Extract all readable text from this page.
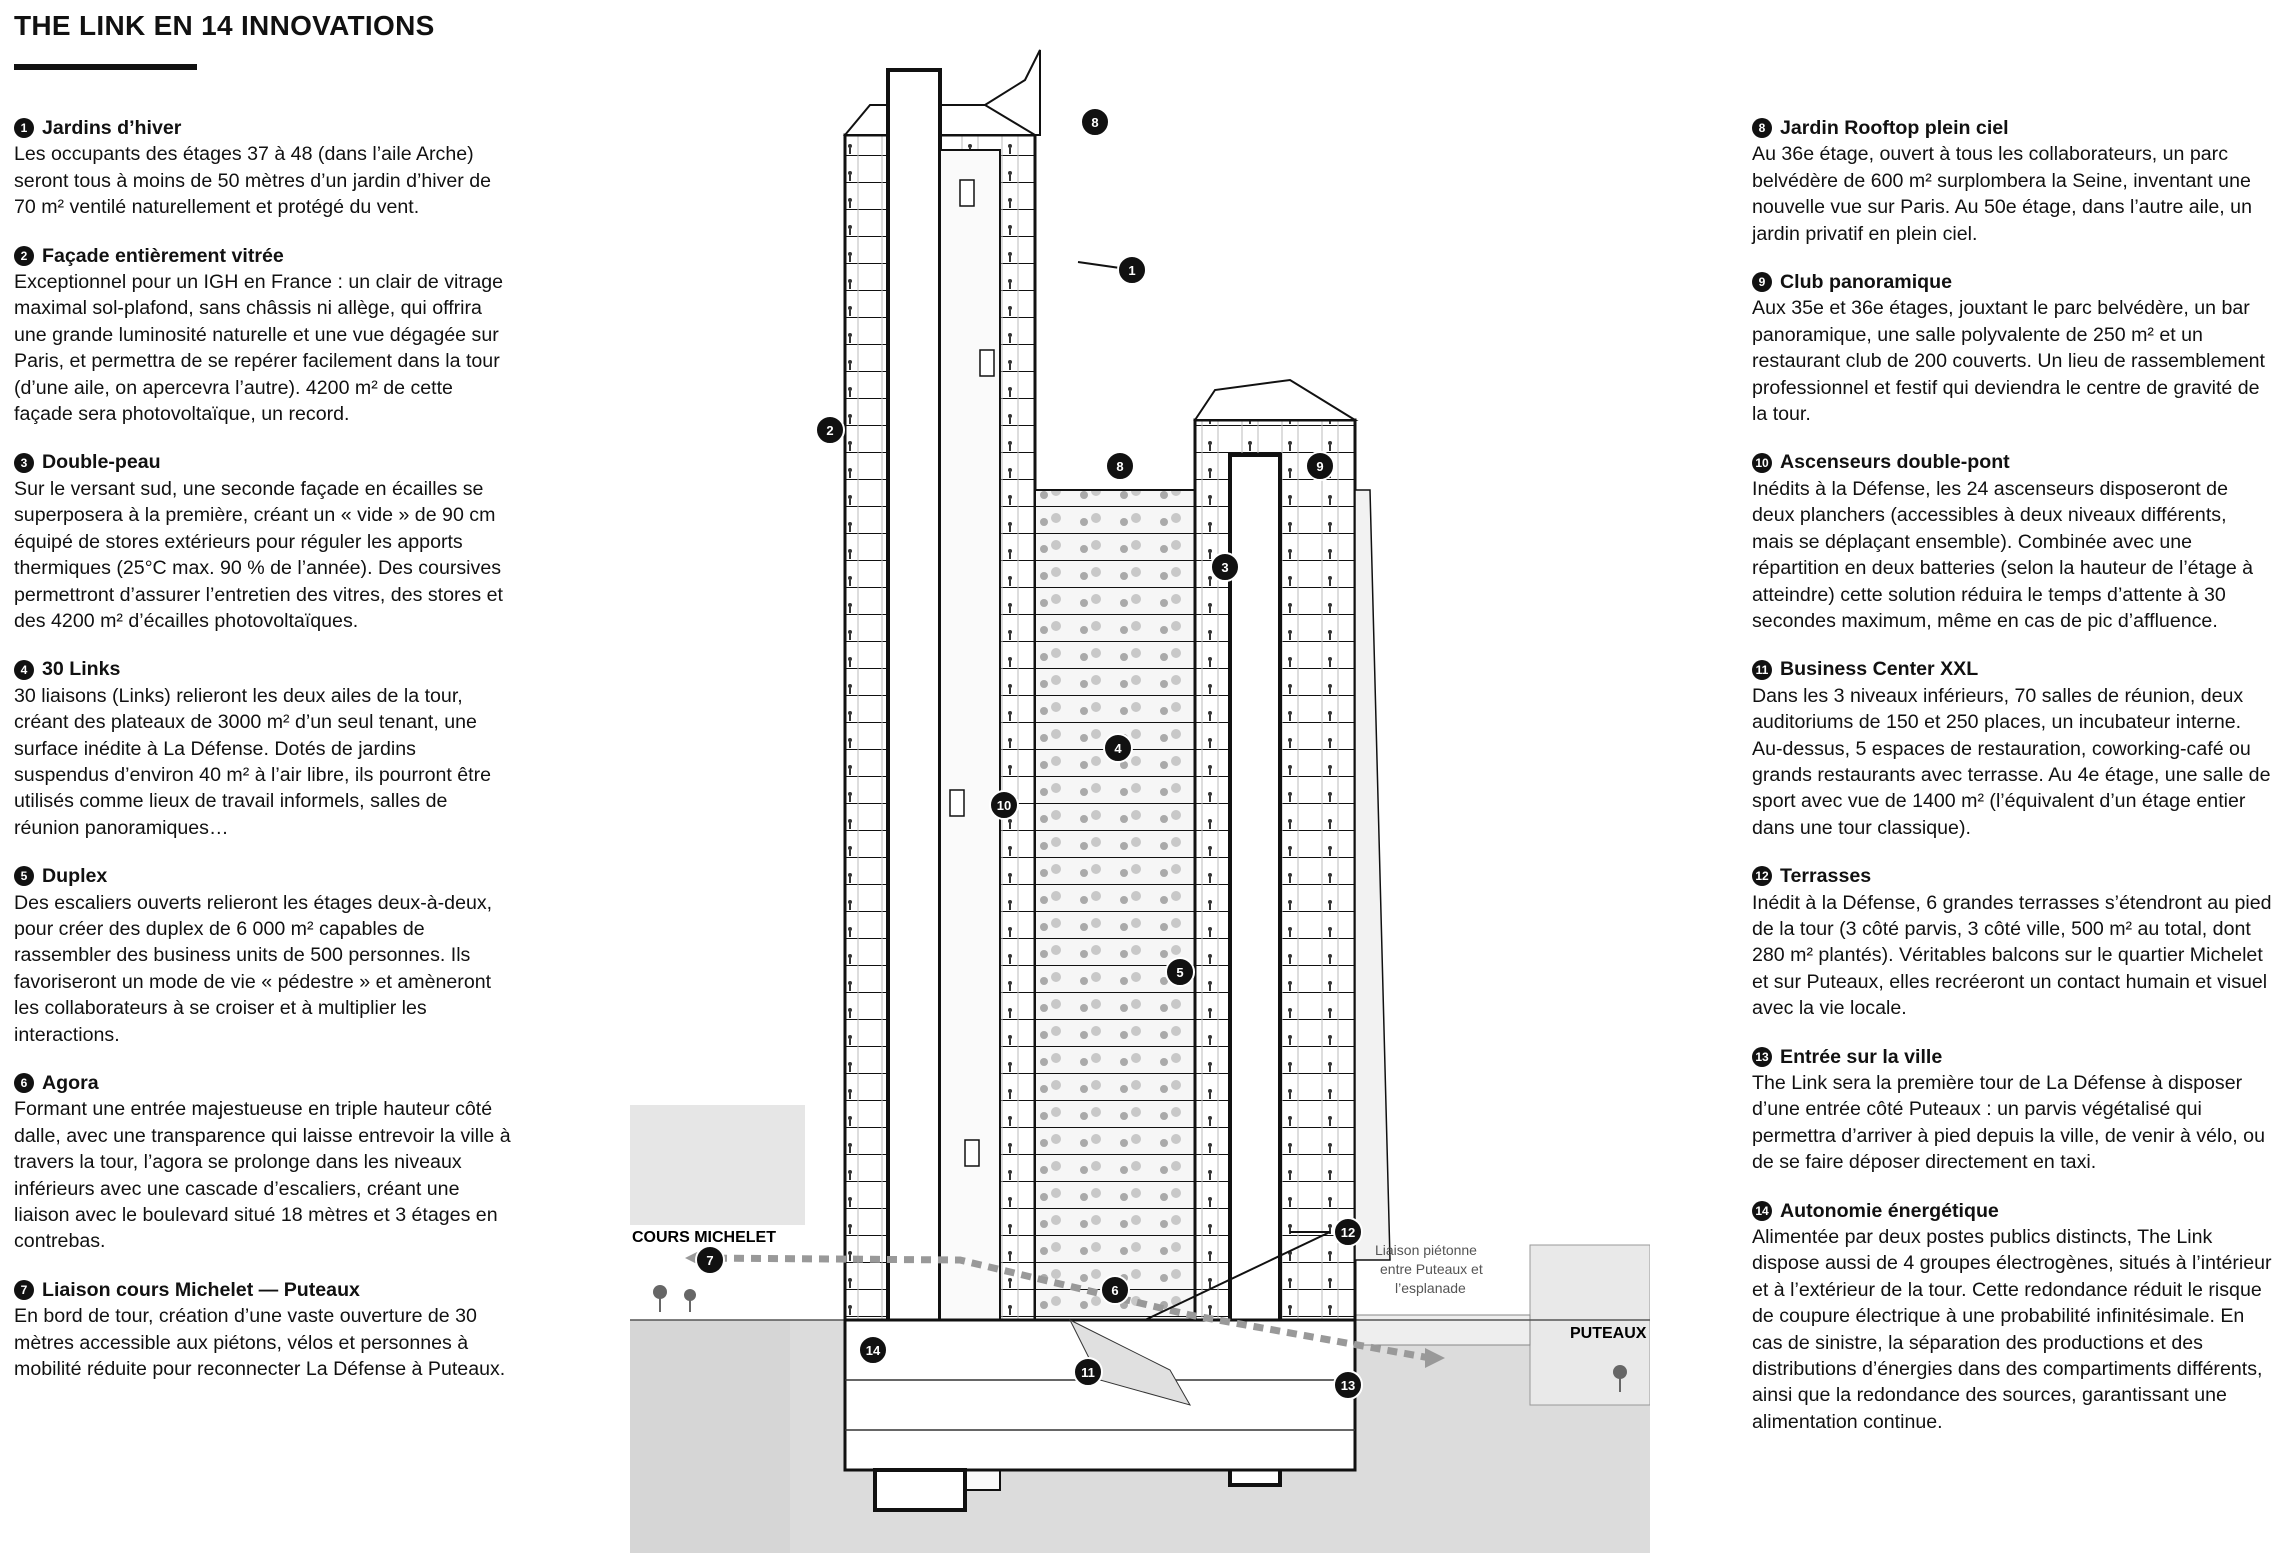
THE LINK EN 14 INNOVATIONS
1 Jardins d’hiver

Les occupants des étages 37 à 48 (dans l’aile Arche) seront tous à moins de 50 mètres d’un jardin d’hiver de 70 m² ventilé naturellement et protégé du vent.

2 Façade entièrement vitrée

Exceptionnel pour un IGH en France : un clair de vitrage maximal sol-plafond, sans châssis ni allège, qui offrira une grande luminosité naturelle et une vue dégagée sur Paris, et permettra de se repérer facilement dans la tour (d’une aile, on apercevra l’autre). 4200 m² de cette façade sera photovoltaïque, un record.

3 Double-peau

Sur le versant sud, une seconde façade en écailles se superposera à la première, créant un « vide » de 90 cm équipé de stores extérieurs pour réguler les apports thermiques (25°C max. 90 % de l’année). Des coursives permettront d’assurer l’entretien des vitres, des stores et des 4200 m² d’écailles photovoltaïques.

4 30 Links

30 liaisons (Links) relieront les deux ailes de la tour, créant des plateaux de 3000 m² d’un seul tenant, une surface inédite à La Défense. Dotés de jardins suspendus d’environ 40 m² à l’air libre, ils pourront être utilisés comme lieux de travail informels, salles de réunion panoramiques…

5 Duplex

Des escaliers ouverts relieront les étages deux-à-deux, pour créer des duplex de 6 000 m² capables de rassembler des business units de 500 personnes. Ils favoriseront un mode de vie « pédestre » et amèneront les collaborateurs à se croiser et à multiplier les interactions.

6 Agora

Formant une entrée majestueuse en triple hauteur côté dalle, avec une transparence qui laisse entrevoir la ville à travers la tour, l’agora se prolonge dans les niveaux inférieurs avec une cascade d’escaliers, créant une liaison avec le boulevard situé 18 mètres et 3 étages en contrebas.

7 Liaison cours Michelet — Puteaux

En bord de tour, création d’une vaste ouverture de 30 mètres accessible aux piétons, vélos et personnes à mobilité réduite pour reconnecter La Défense à Puteaux.

8 Jardin Rooftop plein ciel

Au 36e étage, ouvert à tous les collaborateurs, un parc belvédère de 600 m² surplombera la Seine, inventant une nouvelle vue sur Paris. Au 50e étage, dans l’autre aile, un jardin privatif en plein ciel.

9 Club panoramique

Aux 35e et 36e étages, jouxtant le parc belvédère, un bar panoramique, une salle polyvalente de 250 m² et un restaurant club de 200 couverts. Un lieu de rassemblement professionnel et festif qui deviendra le centre de gravité de la tour.

10 Ascenseurs double-pont

Inédits à la Défense, les 24 ascenseurs disposeront de deux planchers (accessibles à deux niveaux différents, mais se déplaçant ensemble). Combinée avec une répartition en deux batteries (selon la hauteur de l’étage à atteindre) cette solution réduira le temps d’attente à 30 secondes maximum, même en cas de pic d’affluence.

11 Business Center XXL

Dans les 3 niveaux inférieurs, 70 salles de réunion, deux auditoriums de 150 et 250 places, un incubateur interne. Au-dessus, 5 espaces de restauration, coworking-café ou grands restaurants avec terrasse. Au 4e étage, une salle de sport avec vue de 1400 m² (l’équivalent d’un étage entier dans une tour classique).

12 Terrasses

Inédit à la Défense, 6 grandes terrasses s’étendront au pied de la tour (3 côté parvis, 3 côté ville, 500 m² au total, dont 280 m² plantés). Véritables balcons sur le quartier Michelet et sur Puteaux, elles recréeront un contact humain et visuel avec la vie locale.

13 Entrée sur la ville

The Link sera la première tour de La Défense à disposer d’une entrée côté Puteaux : un parvis végétalisé qui permettra d’arriver à pied depuis la ville, de venir à vélo, ou de se faire déposer directement en taxi.

14 Autonomie énergétique

Alimentée par deux postes publics distincts, The Link dispose aussi de 4 groupes électrogènes, situés à l’intérieur et à l’extérieur de la tour. Cette redondance réduit le risque de coupure électrique à une probabilité infinitésimale. En cas de sinistre, la séparation des productions et des distributions d’énergies dans des compartiments différents, ainsi que la redondance des sources, garantissant une alimentation continue.

COURS MICHELET
PUTEAUX
Liaison piétonne
entre Puteaux et
l’esplanade
1
2
3
4
5
6
7
8
8	9
10
11
12
13
14
